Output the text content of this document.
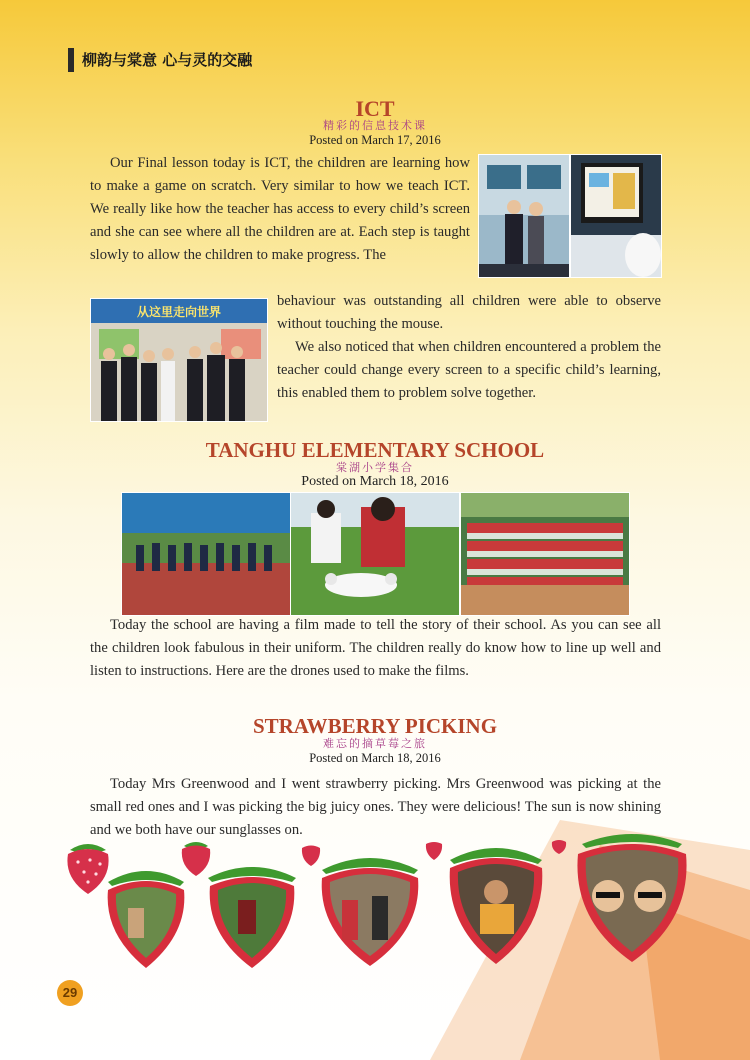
柳韵与棠意 心与灵的交融
ICT
精彩的信息技术课
Posted on March 17, 2016

Our Final lesson today is ICT, the children are learning how to make a game on scratch. Very similar to how we teach ICT. We really like how the teacher has access to every child’s screen and she can see where all the children are at. Each step is taught slowly to allow the children to make progress. The

从这里走向世界

behaviour was outstanding all children were able to observe without touching the mouse.

We also noticed that when children encountered a problem the teacher could change every screen to a specific child’s learning, this enabled them to problem solve together.

TANGHU ELEMENTARY SCHOOL
棠湖小学集合
Posted on March 18, 2016

Today the school are having a film made to tell the story of their school. As you can see all the children look fabulous in their uniform. The children really do know how to line up well and listen to instructions. Here are the drones used to make the films.

STRAWBERRY PICKING
难忘的摘草莓之旅
Posted on March 18, 2016

Today Mrs Greenwood and I went strawberry picking. Mrs Greenwood was picking at the small red ones and I was picking the big juicy ones. They were delicious! The sun is now shining and we both have our sunglasses on.

29
